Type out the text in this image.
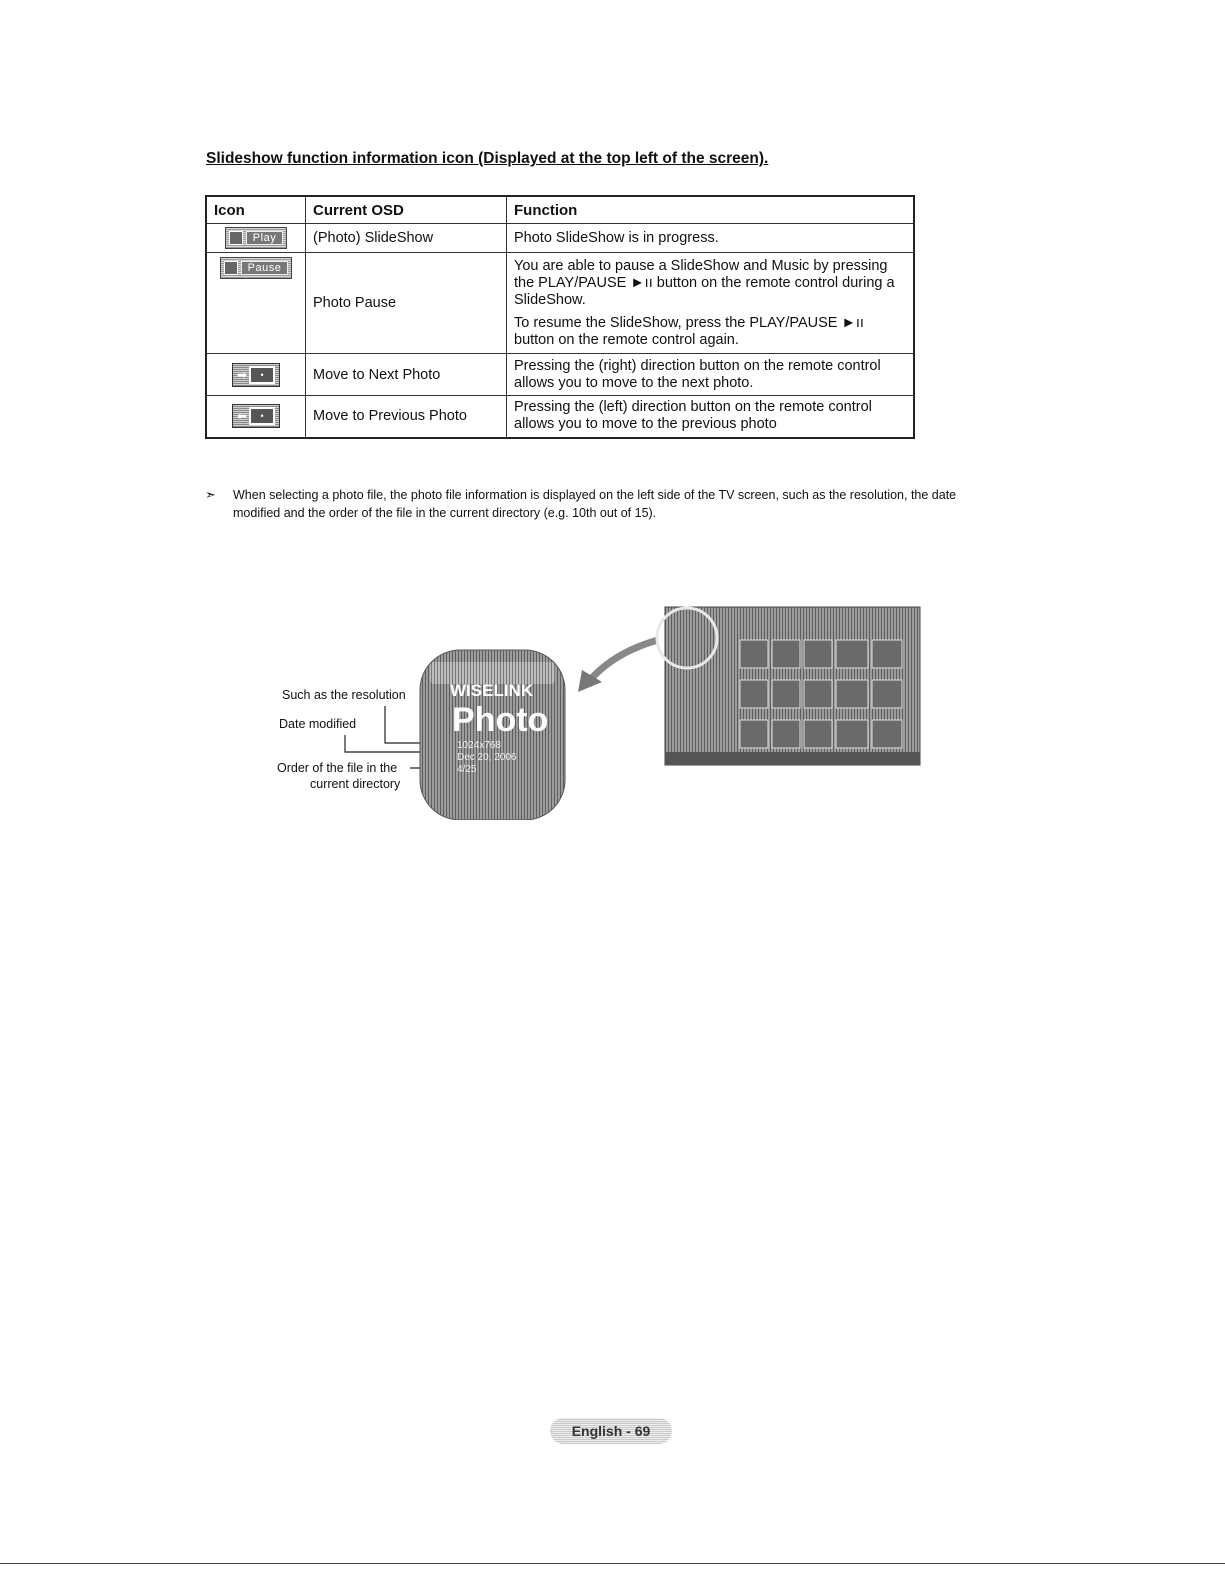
Slideshow function information icon (Displayed at the top left of the screen).
Icon	Current OSD	Function

Play	(Photo) SlideShow	Photo SlideShow is in progress.

Pause	Photo Pause	You are able to pause a SlideShow and Music by pressing the PLAY/PAUSE ►ıı button on the remote control during a SlideShow.

To resume the SlideShow, press the PLAY/PAUSE ►ıı button on the remote control again.

➡ •	Move to Next Photo	Pressing the (right) direction button on the remote control allows you to move to the next photo.

⬅ •	Move to Previous Photo	Pressing the (left) direction button on the remote control allows you to move to the previous photo

➣ When selecting a photo file, the photo file information is displayed on the left side of the TV screen, such as the resolution, the date modified and the order of the file in the current directory (e.g. 10th out of 15).
Such as the resolution
Date modified
Order of the file in the
current directory
WISELINK
Photo
1024x768
Dec 20, 2006
4/25
English - 69
